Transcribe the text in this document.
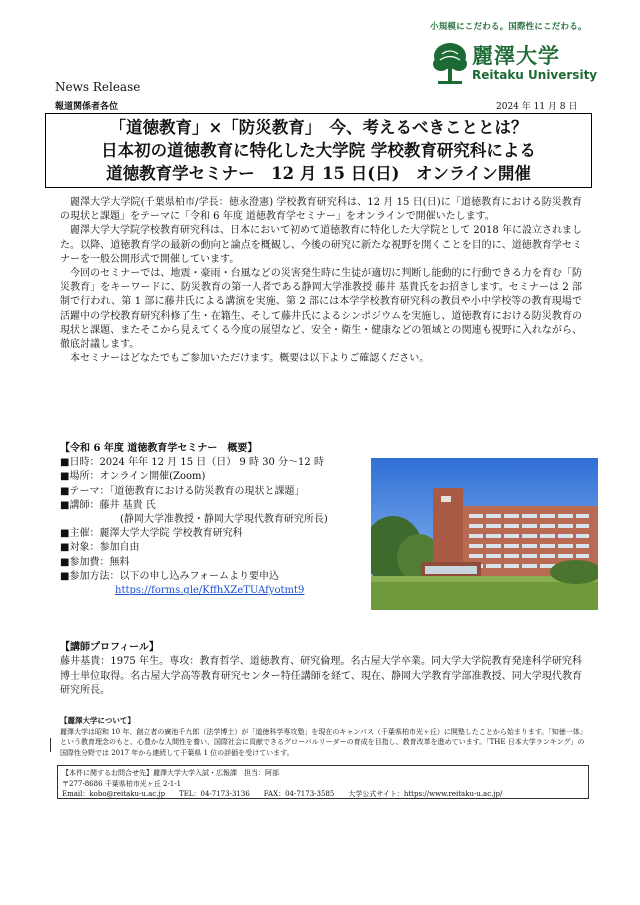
小規模にこだわる。国際性にこだわる。
麗澤大学
Reitaku University
News Release
報道関係者各位	2024 年 11 月 8 日
「道徳教育」×「防災教育」　今、考えるべきこととは？
日本初の道徳教育に特化した大学院 学校教育研究科による
道徳教育学セミナー　12 月 15 日(日)　オンライン開催

麗澤大学大学院(千葉県柏市/学長：徳永澄憲) 学校教育研究科は、12 月 15 日(日)に「道徳教育における防災教育の現状と課題」をテーマに「令和 6 年度 道徳教育学セミナー」をオンラインで開催いたします。

麗澤大学大学院学校教育研究科は、日本において初めて道徳教育に特化した大学院として 2018 年に設立されました。以降、道徳教育学の最新の動向と論点を概観し、今後の研究に新たな視野を開くことを目的に、道徳教育学セミナーを一般公開形式で開催しています。

今回のセミナーでは、地震・豪雨・台風などの災害発生時に生徒が適切に判断し能動的に行動できる力を育む「防災教育」をキーワードに、防災教育の第一人者である静岡大学准教授 藤井 基貴氏をお招きします。セミナーは 2 部制で行われ、第 1 部に藤井氏による講演を実施、第 2 部には本学学校教育研究科の教員や小中学校等の教育現場で活躍中の学校教育研究科修了生・在籍生、そして藤井氏によるシンポジウムを実施し、道徳教育における防災教育の現状と課題、またそこから見えてくる今度の展望など、安全・衛生・健康などの領域との関連も視野に入れながら、徹底討議します。

本セミナーはどなたでもご参加いただけます。概要は以下よりご確認ください。

【令和 6 年度 道徳教育学セミナー　概要】
■日時：2024 年年 12 月 15 日（日） 9 時 30 分～12 時
■場所：オンライン開催(Zoom)
■テーマ：「道徳教育における防災教育の現状と課題」
■講師：藤井 基貴 氏
(静岡大学准教授・静岡大学現代教育研究所長)
■主催：麗澤大学大学院 学校教育研究科
■対象：参加自由
■参加費：無料
■参加方法：以下の申し込みフォームより要申込
https://forms.gle/KffhXZeTUAfyotmt9
【講師プロフィール】

藤井基貴：1975 年生。専攻：教育哲学、道徳教育、研究倫理。名古屋大学卒業。同大学大学院教育発達科学研究科博士単位取得。名古屋大学高等教育研究センター特任講師を経て、現在、静岡大学教育学部准教授、同大学現代教育研究所長。

【麗澤大学について】

麗澤大学は昭和 10 年、創立者の廣池千九郎（法学博士）が「道徳科学専攻塾」を現在のキャンパス（千葉県柏市光ヶ丘）に開塾したことから始まります。「知徳一体」という教育理念のもと、心豊かな人間性を養い、国際社会に貢献できるグローバルリーダーの育成を目指し、教育改革を進めています。「THE 日本大学ランキング」の国際性分野では 2017 年から連続して千葉県 1 位の評価を受けています。

【本件に関するお問合せ先】麗澤大学大学入試・広報課　担当：阿部
〒277-8686 千葉県柏市光ヶ丘 2-1-1
Email：kobo@reitaku-u.ac.jp　　TEL：04-7173-3136　　FAX：04-7173-3585　　大学公式サイト：https://www.reitaku-u.ac.jp/
